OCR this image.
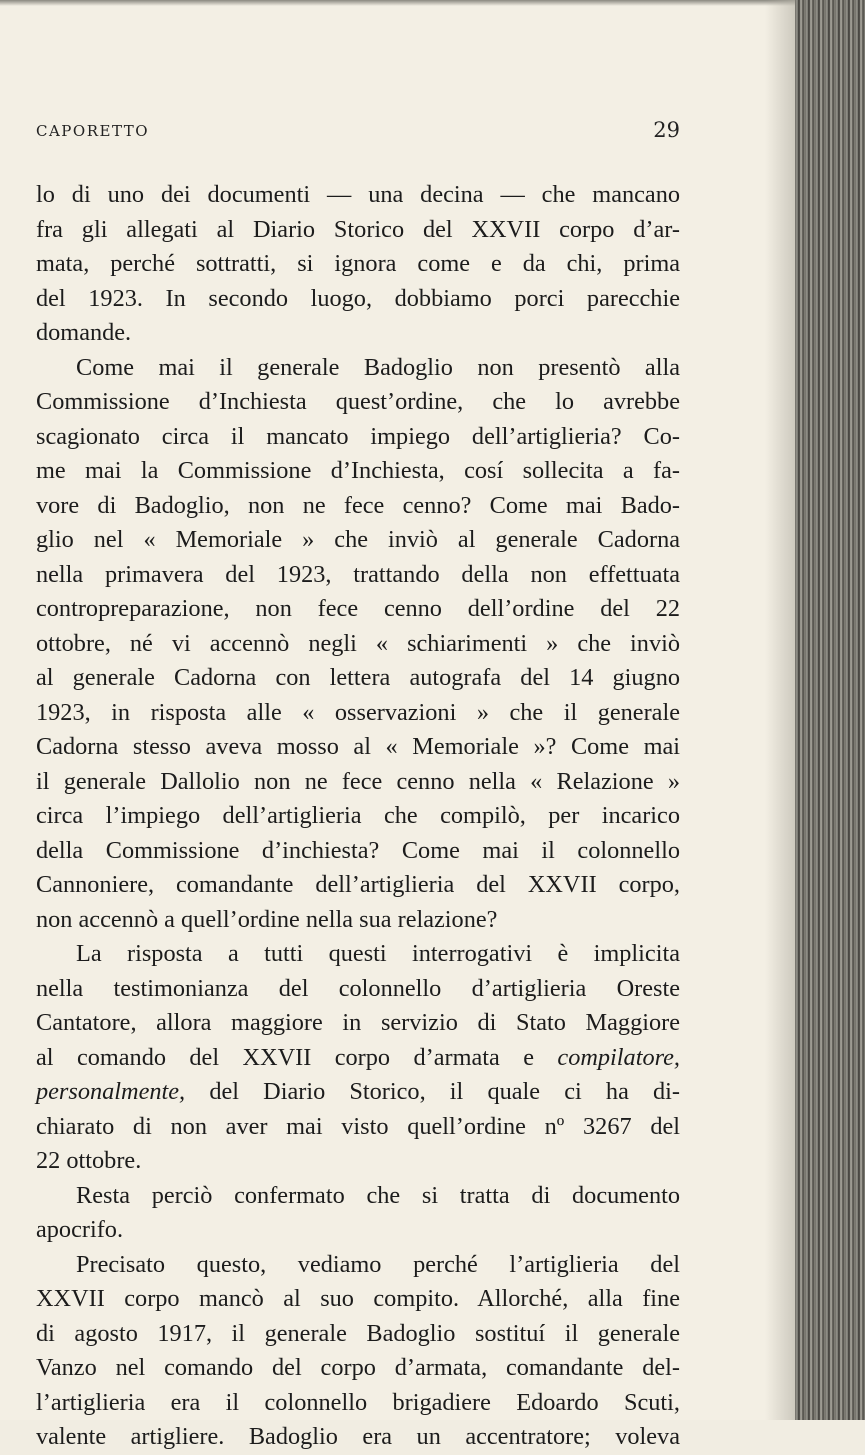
CAPORETTO	29
lo di uno dei documenti — una decina — che mancano
fra gli allegati al Diario Storico del XXVII corpo d’ar-
mata, perché sottratti, si ignora come e da chi, prima
del 1923. In secondo luogo, dobbiamo porci parecchie
domande.
Come mai il generale Badoglio non presentò alla
Commissione d’Inchiesta quest’ordine, che lo avrebbe
scagionato circa il mancato impiego dell’artiglieria? Co-
me mai la Commissione d’Inchiesta, cosí sollecita a fa-
vore di Badoglio, non ne fece cenno? Come mai Bado-
glio nel « Memoriale » che inviò al generale Cadorna
nella primavera del 1923, trattando della non effettuata
contropreparazione, non fece cenno dell’ordine del 22
ottobre, né vi accennò negli « schiarimenti » che inviò
al generale Cadorna con lettera autografa del 14 giugno
1923, in risposta alle « osservazioni » che il generale
Cadorna stesso aveva mosso al « Memoriale »? Come mai
il generale Dallolio non ne fece cenno nella « Relazione »
circa l’impiego dell’artiglieria che compilò, per incarico
della Commissione d’inchiesta? Come mai il colonnello
Cannoniere, comandante dell’artiglieria del XXVII corpo,
non accennò a quell’ordine nella sua relazione?
La risposta a tutti questi interrogativi è implicita
nella testimonianza del colonnello d’artiglieria Oreste
Cantatore, allora maggiore in servizio di Stato Maggiore
al comando del XXVII corpo d’armata e compilatore,
personalmente, del Diario Storico, il quale ci ha di-
chiarato di non aver mai visto quell’ordine nº 3267 del
22 ottobre.
Resta perciò confermato che si tratta di documento
apocrifo.
Precisato questo, vediamo perché l’artiglieria del
XXVII corpo mancò al suo compito. Allorché, alla fine
di agosto 1917, il generale Badoglio sostituí il generale
Vanzo nel comando del corpo d’armata, comandante del-
l’artiglieria era il colonnello brigadiere Edoardo Scuti,
valente artigliere. Badoglio era un accentratore; voleva
